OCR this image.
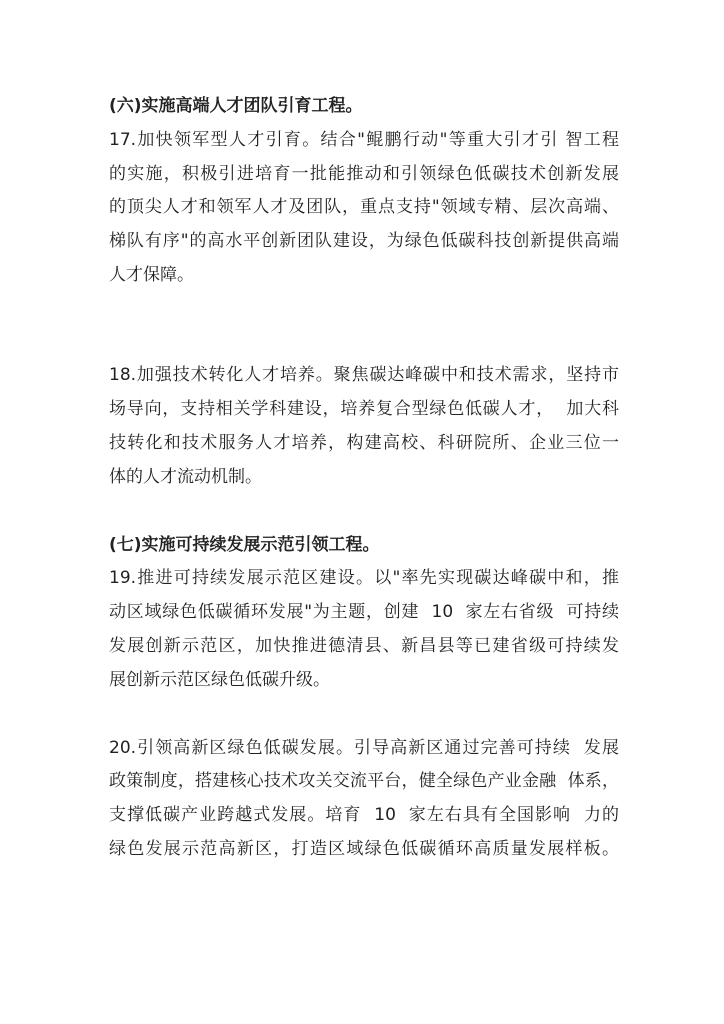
(六)实施高端人才团队引育工程。
17.加快领军型人才引育。结合"鲲鹏行动"等重大引才引 智工程
的实施，积极引进培育一批能推动和引领绿色低碳技术创新发展
的顶尖人才和领军人才及团队，重点支持"领域专精、层次高端、
梯队有序"的高水平创新团队建设，为绿色低碳科技创新提供高端
人才保障。
18.加强技术转化人才培养。聚焦碳达峰碳中和技术需求，坚持市
场导向，支持相关学科建设，培养复合型绿色低碳人才，  加大科
技转化和技术服务人才培养，构建高校、科研院所、企业三位一
体的人才流动机制。
(七)实施可持续发展示范引领工程。
19.推进可持续发展示范区建设。以"率先实现碳达峰碳中和，推
动区域绿色低碳循环发展"为主题，创建  10  家左右省级  可持续
发展创新示范区，加快推进德清县、新昌县等已建省级可持续发
展创新示范区绿色低碳升级。
20.引领高新区绿色低碳发展。引导高新区通过完善可持续  发展
政策制度，搭建核心技术攻关交流平台，健全绿色产业金融  体系，
支撑低碳产业跨越式发展。培育  10  家左右具有全国影响  力的
绿色发展示范高新区，打造区域绿色低碳循环高质量发展样板。
